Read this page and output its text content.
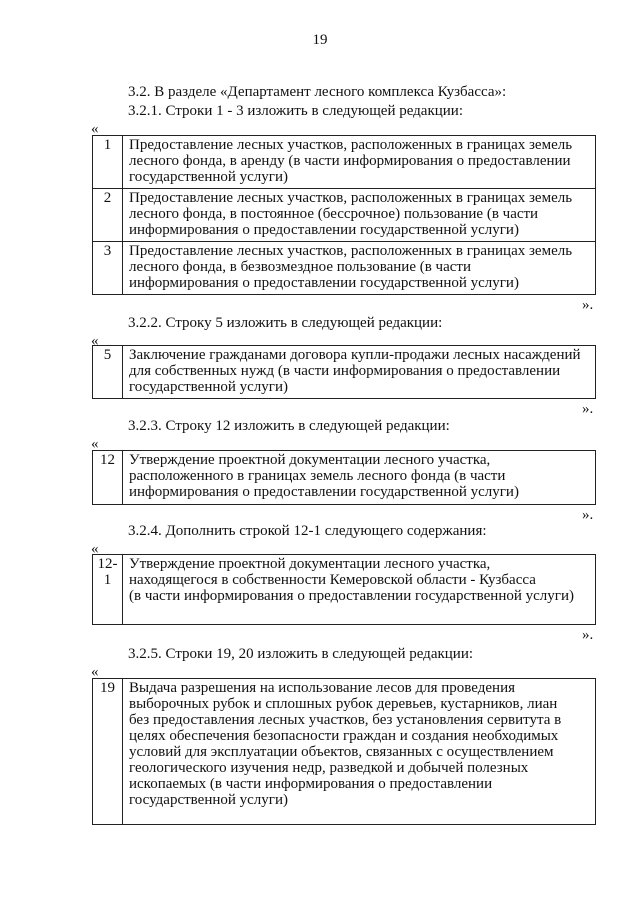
19
3.2. В разделе «Департамент лесного комплекса Кузбасса»:
3.2.1. Строки 1 - 3 изложить в следующей редакции:
«
1	Предоставление лесных участков, расположенных в границах земель
лесного фонда, в аренду (в части информирования о предоставлении
государственной услуги)

2	Предоставление лесных участков, расположенных в границах земель
лесного фонда, в постоянное (бессрочное) пользование (в части
информирования о предоставлении государственной услуги)

3	Предоставление лесных участков, расположенных в границах земель
лесного фонда, в безвозмездное пользование (в части
информирования о предоставлении государственной услуги)
».
3.2.2. Строку 5 изложить в следующей редакции:
«
5	Заключение гражданами договора купли-продажи лесных насаждений
для собственных нужд (в части информирования о предоставлении
государственной услуги)
».
3.2.3. Строку 12 изложить в следующей редакции:
«
12	Утверждение проектной документации лесного участка,
расположенного в границах земель лесного фонда (в части
информирования о предоставлении государственной услуги)
».
3.2.4. Дополнить строкой 12-1 следующего содержания:
«
12-1	
Утверждение проектной документации лесного участка,
находящегося в собственности Кемеровской области - Кузбасса
(в части информирования о предоставлении государственной услуги)
».
3.2.5. Строки 19, 20 изложить в следующей редакции:
«
19	Выдача разрешения на использование лесов для проведения
выборочных рубок и сплошных рубок деревьев, кустарников, лиан
без предоставления лесных участков, без установления сервитута в
целях обеспечения безопасности граждан и создания необходимых
условий для эксплуатации объектов, связанных с осуществлением
геологического изучения недр, разведкой и добычей полезных
ископаемых (в части информирования о предоставлении
государственной услуги)
